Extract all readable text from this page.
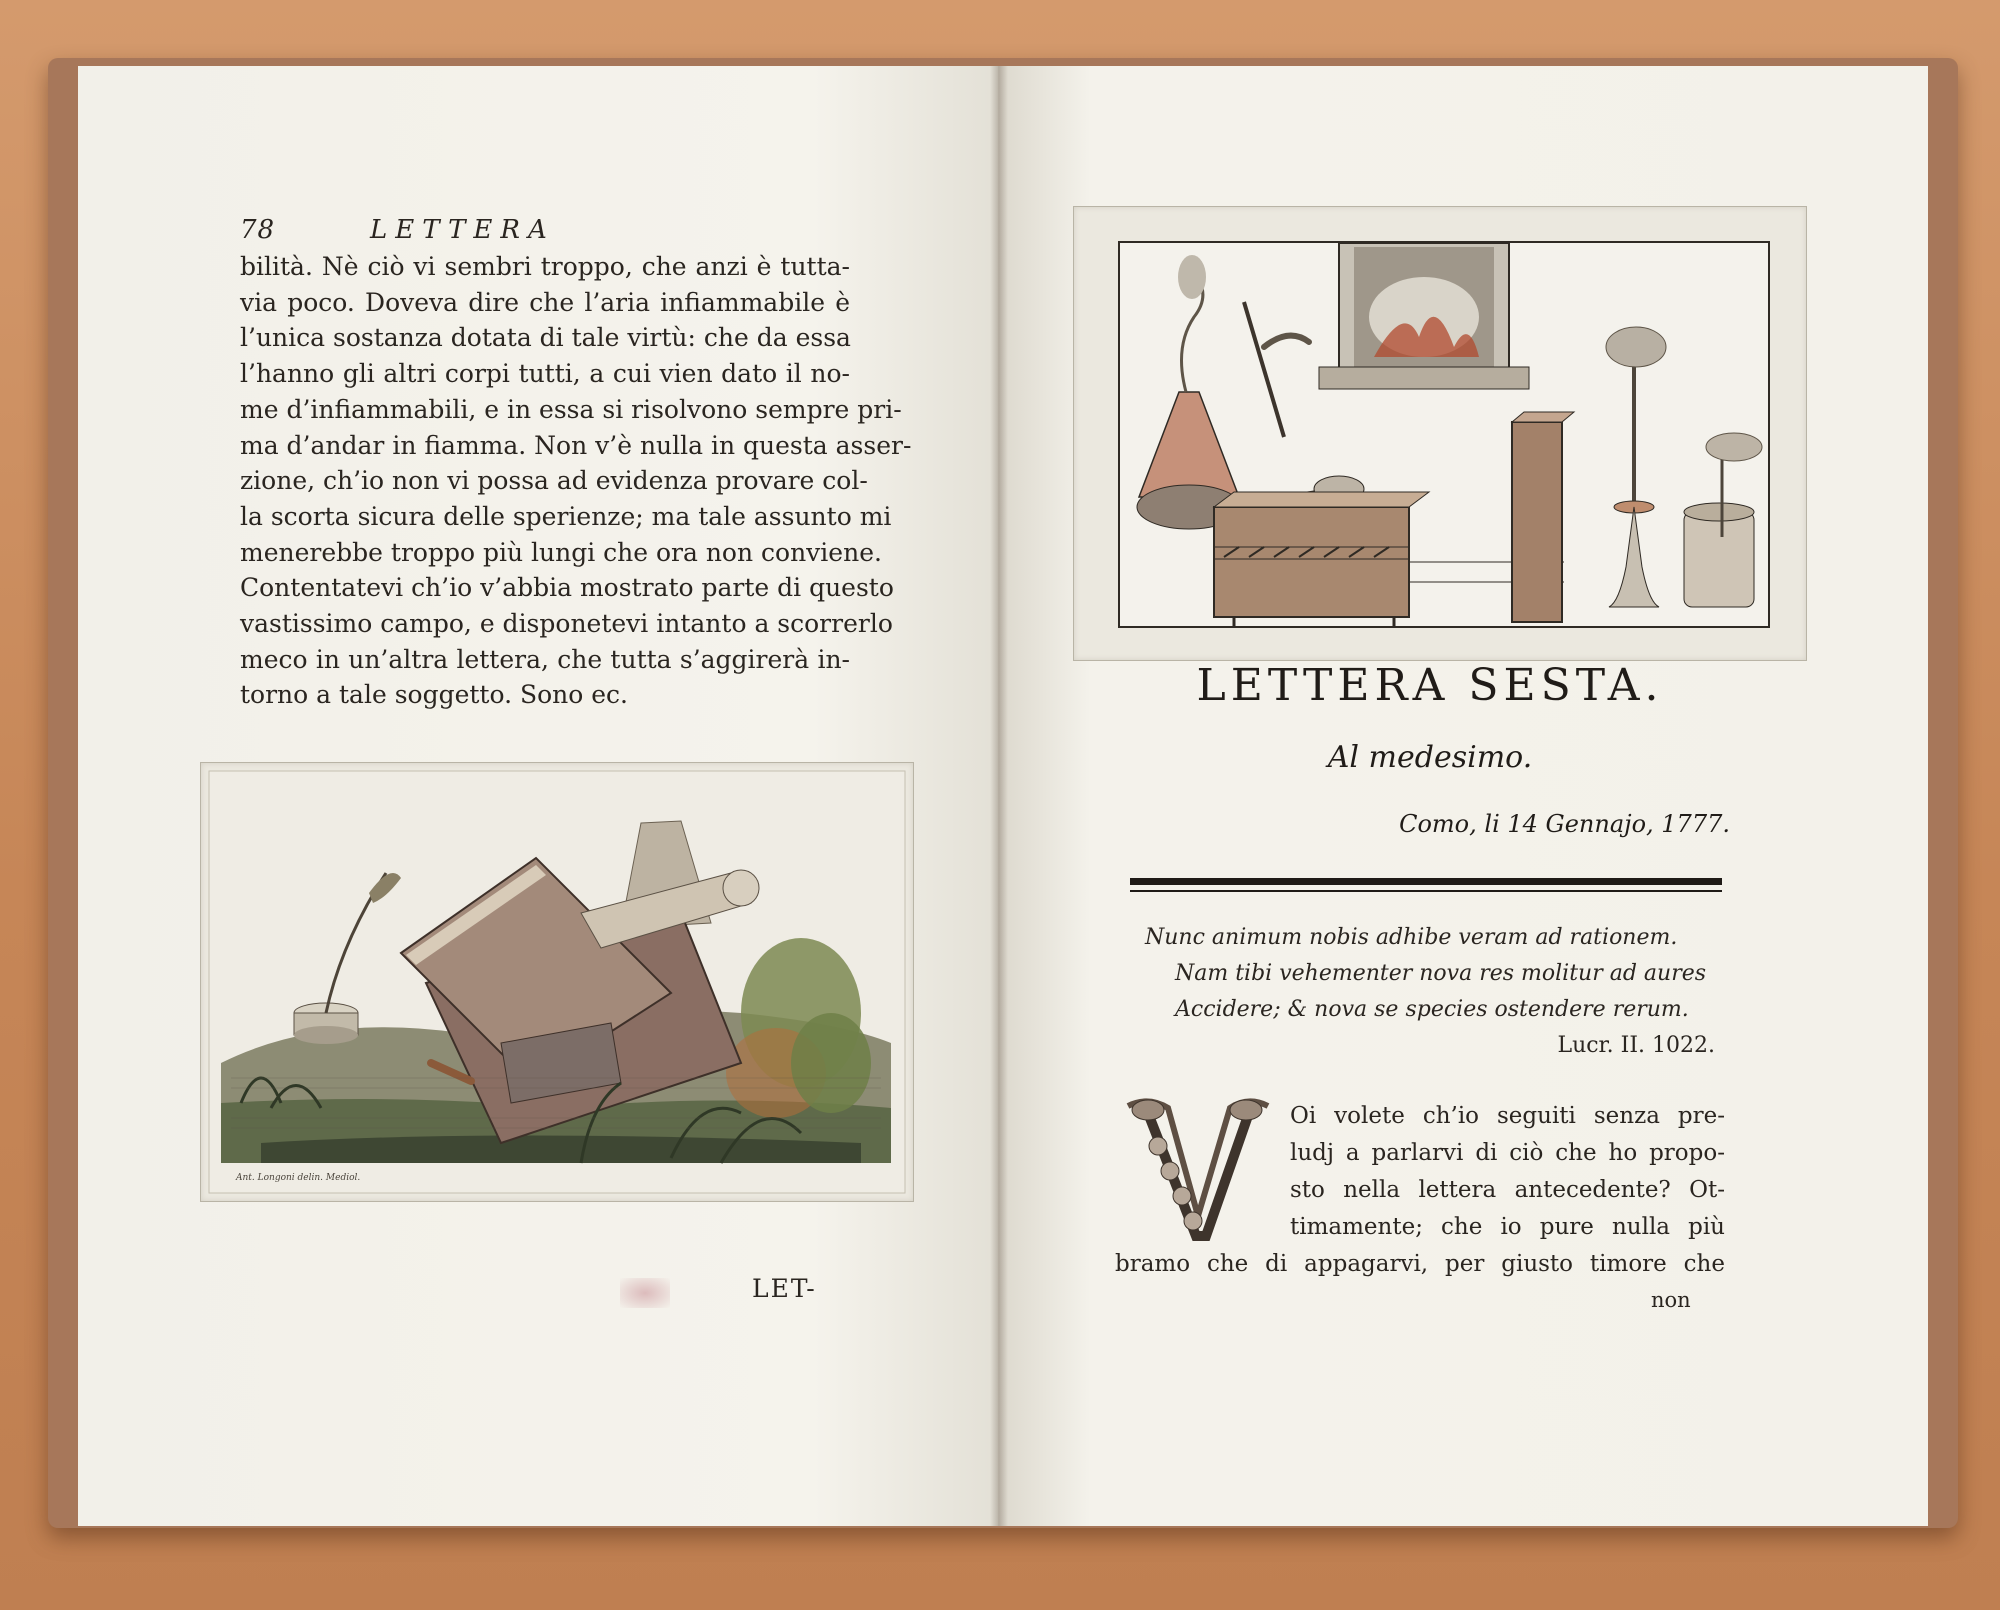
78	LETTERA
bilità. Nè ciò vi sembri troppo, che anzi è tutta-
via poco. Doveva dire che l’aria infiammabile è
l’unica sostanza dotata di tale virtù: che da essa
l’hanno gli altri corpi tutti, a cui vien dato il no-
me d’infiammabili, e in essa si risolvono sempre pri-
ma d’andar in fiamma. Non v’è nulla in questa asser-
zione, ch’io non vi possa ad evidenza provare col-
la scorta sicura delle sperienze; ma tale assunto mi
menerebbe troppo più lungi che ora non conviene.
Contentatevi ch’io v’abbia mostrato parte di questo
vastissimo campo, e disponetevi intanto a scorrerlo
meco in un’altra lettera, che tutta s’aggirerà in-
torno a tale soggetto. Sono ec.
Ant. Longoni delin. Mediol.
LET-
LETTERA SESTA.
Al medesimo.
Como, li 14 Gennajo, 1777.
Nunc animum nobis adhibe veram ad rationem.
Nam tibi vehementer nova res molitur ad aures
Accidere; & nova se species ostendere rerum.
Lucr. II. 1022.
Oi volete ch’io seguiti senza pre-
ludj a parlarvi di ciò che ho propo-
sto nella lettera antecedente? Ot-
timamente; che io pure nulla più
bramo che di appagarvi, per giusto timore che
non
